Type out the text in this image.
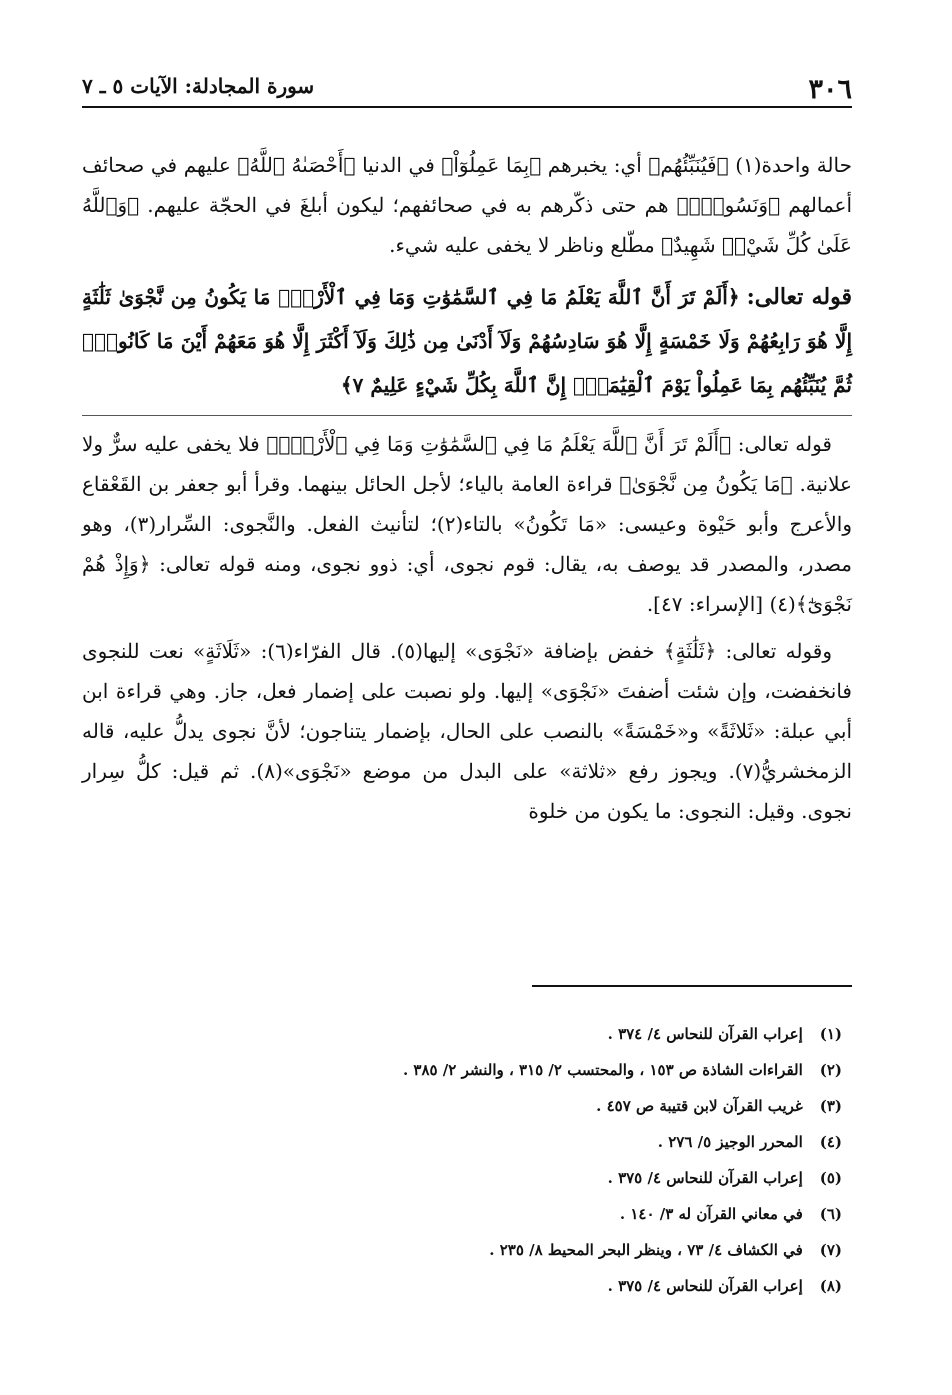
٣٠٦
سورة المجادلة: الآيات ٥ ـ ٧

حالة واحدة(١) ﴿فَيُنَبِّئُهُم﴾ أي: يخبرهم ﴿بِمَا عَمِلُوٓاْ﴾ في الدنيا ﴿أَحْصَىٰهُ ٱللَّهُ﴾ عليهم في صحائف أعمالهم ﴿وَنَسُوهُۚ﴾ هم حتى ذكّرهم به في صحائفهم؛ ليكون أبلغَ في الحجّة عليهم. ﴿وَٱللَّهُ عَلَىٰ كُلِّ شَيْءٖ شَهِيدٌ﴾ مطّلع وناظر لا يخفى عليه شيء.

قوله تعالى: ﴿أَلَمْ تَرَ أَنَّ ٱللَّهَ يَعْلَمُ مَا فِي ٱلسَّمَٰوَٰتِ وَمَا فِي ٱلْأَرْضِۖ مَا يَكُونُ مِن نَّجْوَىٰ ثَلَٰثَةٍ إِلَّا هُوَ رَابِعُهُمْ وَلَا خَمْسَةٍ إِلَّا هُوَ سَادِسُهُمْ وَلَآ أَدْنَىٰ مِن ذَٰلِكَ وَلَآ أَكْثَرَ إِلَّا هُوَ مَعَهُمْ أَيْنَ مَا كَانُواْۖ ثُمَّ يُنَبِّئُهُم بِمَا عَمِلُواْ يَوْمَ ٱلْقِيَٰمَةِۚ إِنَّ ٱللَّهَ بِكُلِّ شَيْءٍ عَلِيمٌ ٧﴾

قوله تعالى: ﴿أَلَمْ تَرَ أَنَّ ٱللَّهَ يَعْلَمُ مَا فِي ٱلسَّمَٰوَٰتِ وَمَا فِي ٱلْأَرْضِۖ﴾ فلا يخفى عليه سرٌّ ولا علانية. ﴿مَا يَكُونُ مِن نَّجْوَىٰ﴾ قراءة العامة بالياء؛ لأجل الحائل بينهما. وقرأ أبو جعفر بن القَعْقاع والأعرج وأبو حَيْوة وعيسى: «مَا تَكُونُ» بالتاء(٢)؛ لتأنيث الفعل. والنَّجوى: السِّرار(٣)، وهو مصدر، والمصدر قد يوصف به، يقال: قوم نجوى، أي: ذوو نجوى، ومنه قوله تعالى: ﴿وَإِذْ هُمْ نَجْوَىٰٓ﴾(٤) [الإسراء: ٤٧].

وقوله تعالى: ﴿ثَلَٰثَةٍ﴾ خفض بإضافة «نَجْوَى» إليها(٥). قال الفرّاء(٦): «ثَلَاثَةٍ» نعت للنجوى فانخفضت، وإن شئت أضفتَ «نَجْوَى» إليها. ولو نصبت على إضمار فعل، جاز. وهي قراءة ابن أبي عبلة: «ثَلاثَةً» و«خَمْسَةً» بالنصب على الحال، بإضمار يتناجون؛ لأنَّ نجوى يدلُّ عليه، قاله الزمخشريُّ(٧). ويجوز رفع «ثلاثة» على البدل من موضع «نَجْوَى»(٨). ثم قيل: كلُّ سِرار نجوى. وقيل: النجوى: ما يكون من خلوة

(١) إعراب القرآن للنحاس ٤/ ٣٧٤ .
(٢) القراءات الشاذة ص ١٥٣ ، والمحتسب ٢/ ٣١٥ ، والنشر ٢/ ٣٨٥ .
(٣) غريب القرآن لابن قتيبة ص ٤٥٧ .
(٤) المحرر الوجيز ٥/ ٢٧٦ .
(٥) إعراب القرآن للنحاس ٤/ ٣٧٥ .
(٦) في معاني القرآن له ٣/ ١٤٠ .
(٧) في الكشاف ٤/ ٧٣ ، وينظر البحر المحيط ٨/ ٢٣٥ .
(٨) إعراب القرآن للنحاس ٤/ ٣٧٥ .
